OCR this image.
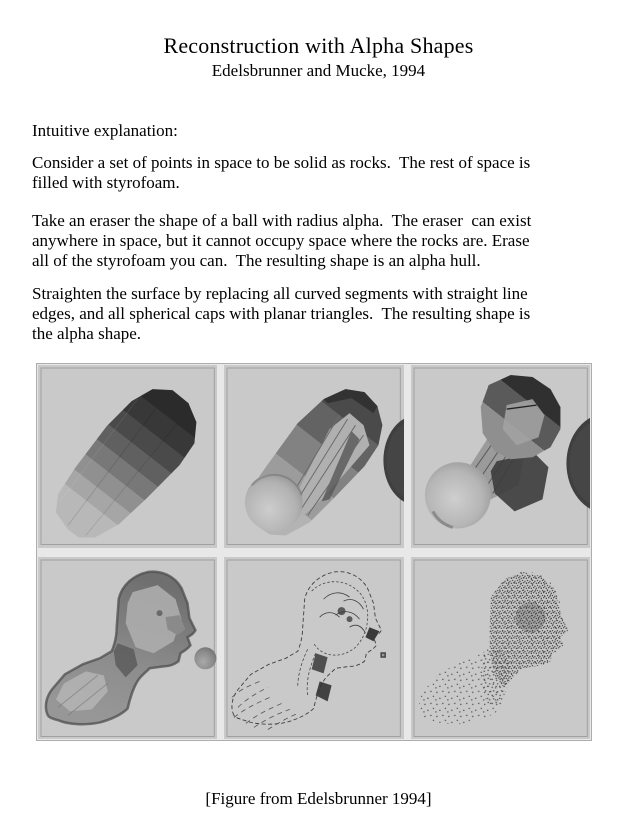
Reconstruction with Alpha Shapes
Edelsbrunner and Mucke, 1994
Intuitive explanation:
Consider a set of points in space to be solid as rocks.  The rest of space is
filled with styrofoam.
Take an eraser the shape of a ball with radius alpha.  The eraser  can exist
anywhere in space, but it cannot occupy space where the rocks are. Erase
all of the styrofoam you can.  The resulting shape is an alpha hull.
Straighten the surface by replacing all curved segments with straight line
edges, and all spherical caps with planar triangles.  The resulting shape is
the alpha shape.
[Figure from Edelsbrunner 1994]
